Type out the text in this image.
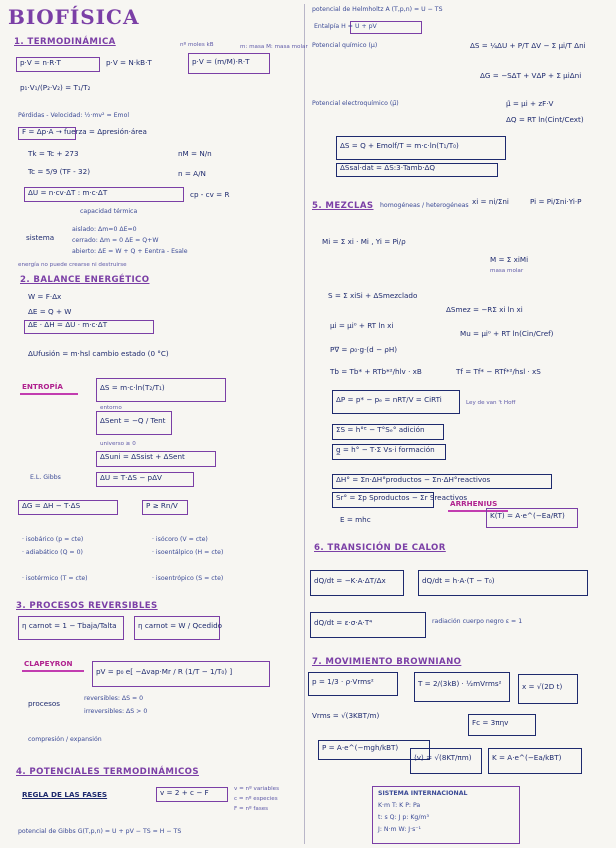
BIOFÍSICA
1. TERMODINÁMICA
p·V = n·R·T	p·V = N·kB·T	p·V = (m/M)·R·T
nº moles kB	m: masa M: masa molar
p₁·V₁/(P₂·V₂) = T₁/T₂
Pérdidas - Velocidad: ½·mv² = Emol
F = Δp·A → fuerza = Δpresión·área
Tk = Tc + 273	nM = N/n
Tc = 5/9 (TF - 32)	n = A/N
ΔU = n·cv·ΔT : m·c·ΔT	cp - cv = R
capacidad térmica
sistema
aislado: Δm=0 ΔE=0
cerrado: Δm = 0 ΔE = Q+W
abierto: ΔE = W + Q + Eentra - Esale
energía no puede crearse ni destruirse
2. BALANCE ENERGÉTICO
W = F·Δx
ΔE = Q + W
ΔE · ΔH = ΔU · m·c·ΔT
ΔUfusión = m·hsl cambio estado (0 °C)
ENTROPÍA	ΔS = m·c·ln(T₂/T₁)
entorno
ΔSent = −Q / Tent
universo ≥ 0
ΔSuni = ΔSsist + ΔSent
E.L. Gibbs	ΔU = T·ΔS − pΔV
ΔG = ΔH − T·ΔS	P ≥ Rn/V
· isobárico (p = cte)	· isócoro (V = cte)
· adiabático (Q = 0)
· isotérmico (T = cte)
· isoentálpico (H = cte)
· isoentrópico (S = cte)
3. PROCESOS REVERSIBLES
η carnot = 1 − Tbaja/Talta	η carnot = W / Qcedido
CLAPEYRON
pV = p₀ e[ −Δvap·Mr / R (1/T − 1/T₀) ]
procesos
reversibles: ΔS = 0
irreversibles: ΔS > 0
compresión / expansión
4. POTENCIALES TERMODINÁMICOS
REGLA DE LAS FASES	v = 2 + c − F	v = nº variables
c = nº especies
F = nº fases
potencial de Gibbs G(T,p,n) = U + pV − TS = H − TS
potencial de Helmholtz A (T,p,n) = U − TS
Entalpía H = U + pV
Potencial químico (µ)	ΔS = ¼ΔU + P/T ΔV − Σ µi/T Δni
ΔG = −SΔT + VΔP + Σ µiΔni
Potencial electroquímico (µ̃)	µ̃ = µi + zF·V
ΔQ = RT ln(Cint/Cext)
ΔS = Q + Emolf/T = m·c·ln(T₁/T₀)
ΔSsal·dat = ΔS:3·Tamb·ΔQ
5. MEZCLAS homogéneas / heterogéneas xi = ni/Σni	Pi = Pi/Σni·Yi·P
Mi = Σ xi · Mi , Yi = Pi/ρ
M = Σ xiMi
masa molar
S = Σ xiSi + ΔSmezclado
ΔSmez = −RΣ xi ln xi
µi = µi⁰ + RT ln xi
Mu = µi⁰ + RT ln(Cin/Cref)
P∇ = ρ₀·g·(d − ρH)
Tb = Tb* + RTb*²/hlv · xB	Tf = Tf* − RTf*²/hsl · xS
ΔP = p* − pₑ = nRT/V = CiRTi	Ley de van 't Hoff
ΣS = h°ᴱ − T°Sₑ° adición
g̲ = h° − T·Σ Vs·i formación
ΔH° = Σn·ΔH°productos − Σn·ΔH°reactivos
Sr° = Σp Sproductos − Σr Sreactivos
ARRHENIUS
K(T) = A·e^(−Ea/RT)
E = mhc
6. TRANSICIÓN DE CALOR
dQ/dt = −K·A·ΔT/Δx	dQ/dt = h·A·(T − T₀)
dQ/dt = ε·σ·A·T⁴	radiación cuerpo negro ε = 1
7. MOVIMIENTO BROWNIANO
p = 1/3 · ρ·Vrms²	T = 2/(3kB) · ½mVrms²	x = √(2D t)
Vrms = √(3KBT/m)
Fc = 3πηv
P = A·e^(−mgh/kBT)
⟨v⟩ = √(8KT/πm)	K = A·e^(−Ea/kBT)
SISTEMA INTERNACIONAL
K·m T: K P: Pa
t: s Q: J p: Kg/m³
J: N·m W: J·s⁻¹
